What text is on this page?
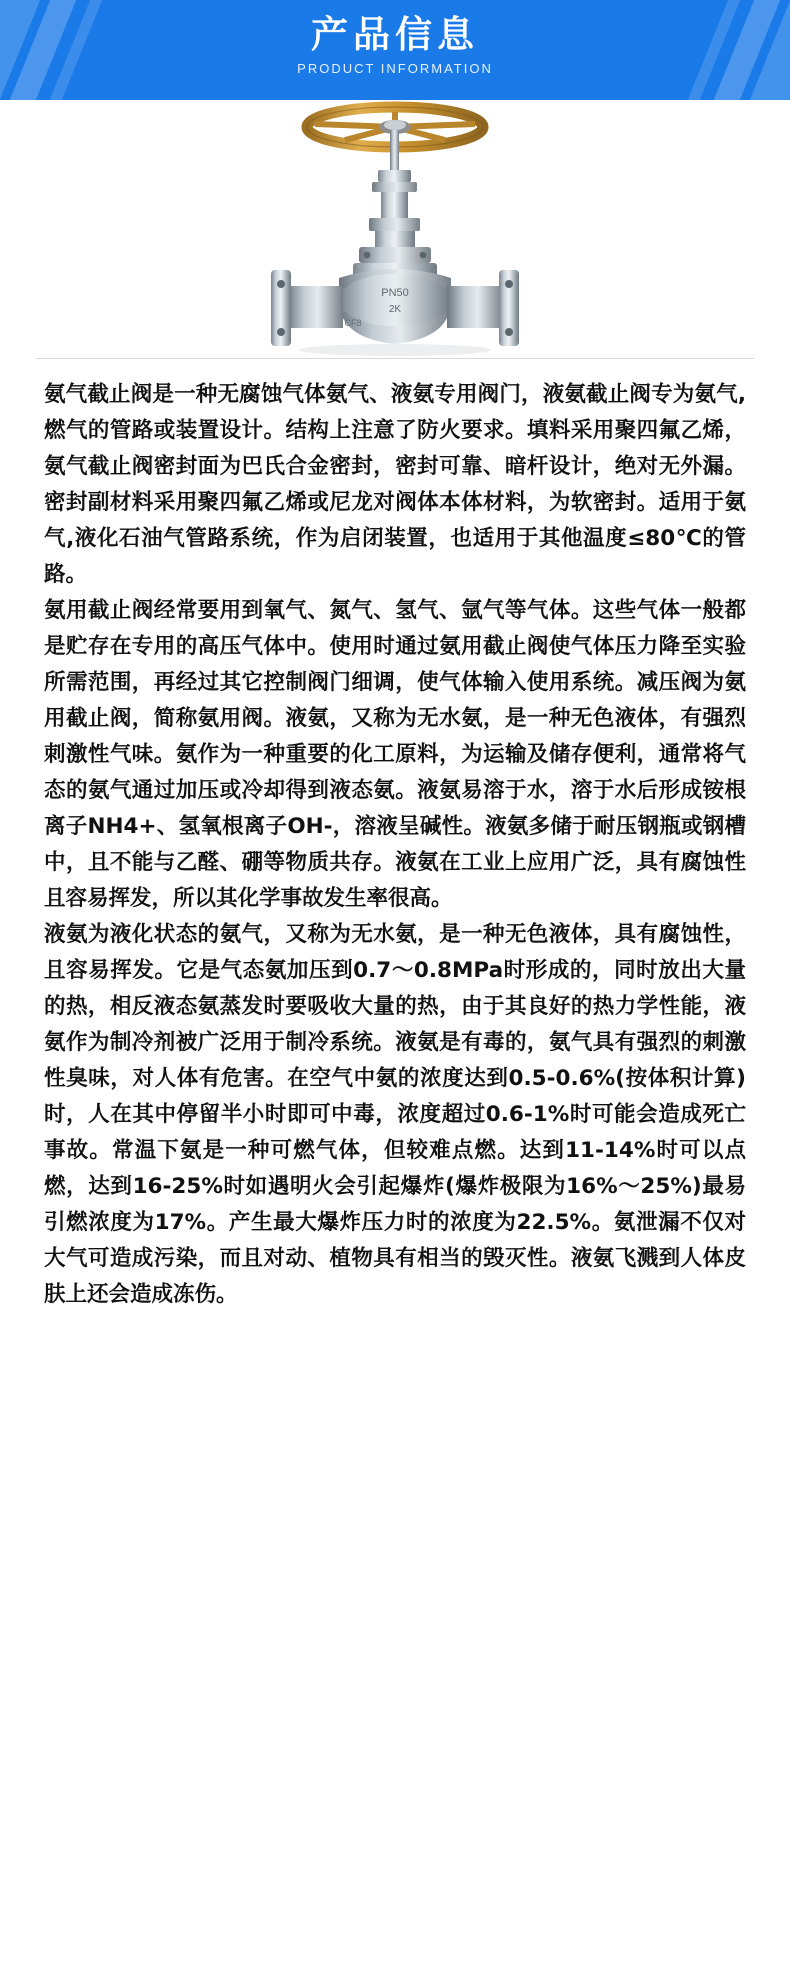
产品信息
PRODUCT INFORMATION
PN50
2K
CF8

氨气截止阀是一种无腐蚀气体氨气、液氨专用阀门，液氨截止阀专为氨气,燃气的管路或装置设计。结构上注意了防火要求。填料采用聚四氟乙烯，氨气截止阀密封面为巴氏合金密封，密封可靠、暗杆设计，绝对无外漏。密封副材料采用聚四氟乙烯或尼龙对阀体本体材料，为软密封。适用于氨气,液化石油气管路系统，作为启闭装置，也适用于其他温度≤80℃的管路。

氨用截止阀经常要用到氧气、氮气、氢气、氩气等气体。这些气体一般都是贮存在专用的高压气体中。使用时通过氨用截止阀使气体压力降至实验所需范围，再经过其它控制阀门细调，使气体输入使用系统。减压阀为氨用截止阀，简称氨用阀。液氨，又称为无水氨，是一种无色液体，有强烈刺激性气味。氨作为一种重要的化工原料，为运输及储存便利，通常将气态的氨气通过加压或冷却得到液态氨。液氨易溶于水，溶于水后形成铵根离子NH4+、氢氧根离子OH-，溶液呈碱性。液氨多储于耐压钢瓶或钢槽中，且不能与乙醛、硼等物质共存。液氨在工业上应用广泛，具有腐蚀性且容易挥发，所以其化学事故发生率很高。

液氨为液化状态的氨气，又称为无水氨，是一种无色液体，具有腐蚀性，且容易挥发。它是气态氨加压到0.7～0.8MPa时形成的，同时放出大量的热，相反液态氨蒸发时要吸收大量的热，由于其良好的热力学性能，液氨作为制冷剂被广泛用于制冷系统。液氨是有毒的，氨气具有强烈的刺激性臭味，对人体有危害。在空气中氨的浓度达到0.5-0.6%(按体积计算)时，人在其中停留半小时即可中毒，浓度超过0.6-1%时可能会造成死亡事故。常温下氨是一种可燃气体，但较难点燃。达到11-14%时可以点燃，达到16-25%时如遇明火会引起爆炸(爆炸极限为16%～25%)最易引燃浓度为17%。产生最大爆炸压力时的浓度为22.5%。氨泄漏不仅对大气可造成污染，而且对动、植物具有相当的毁灭性。液氨飞溅到人体皮肤上还会造成冻伤。
